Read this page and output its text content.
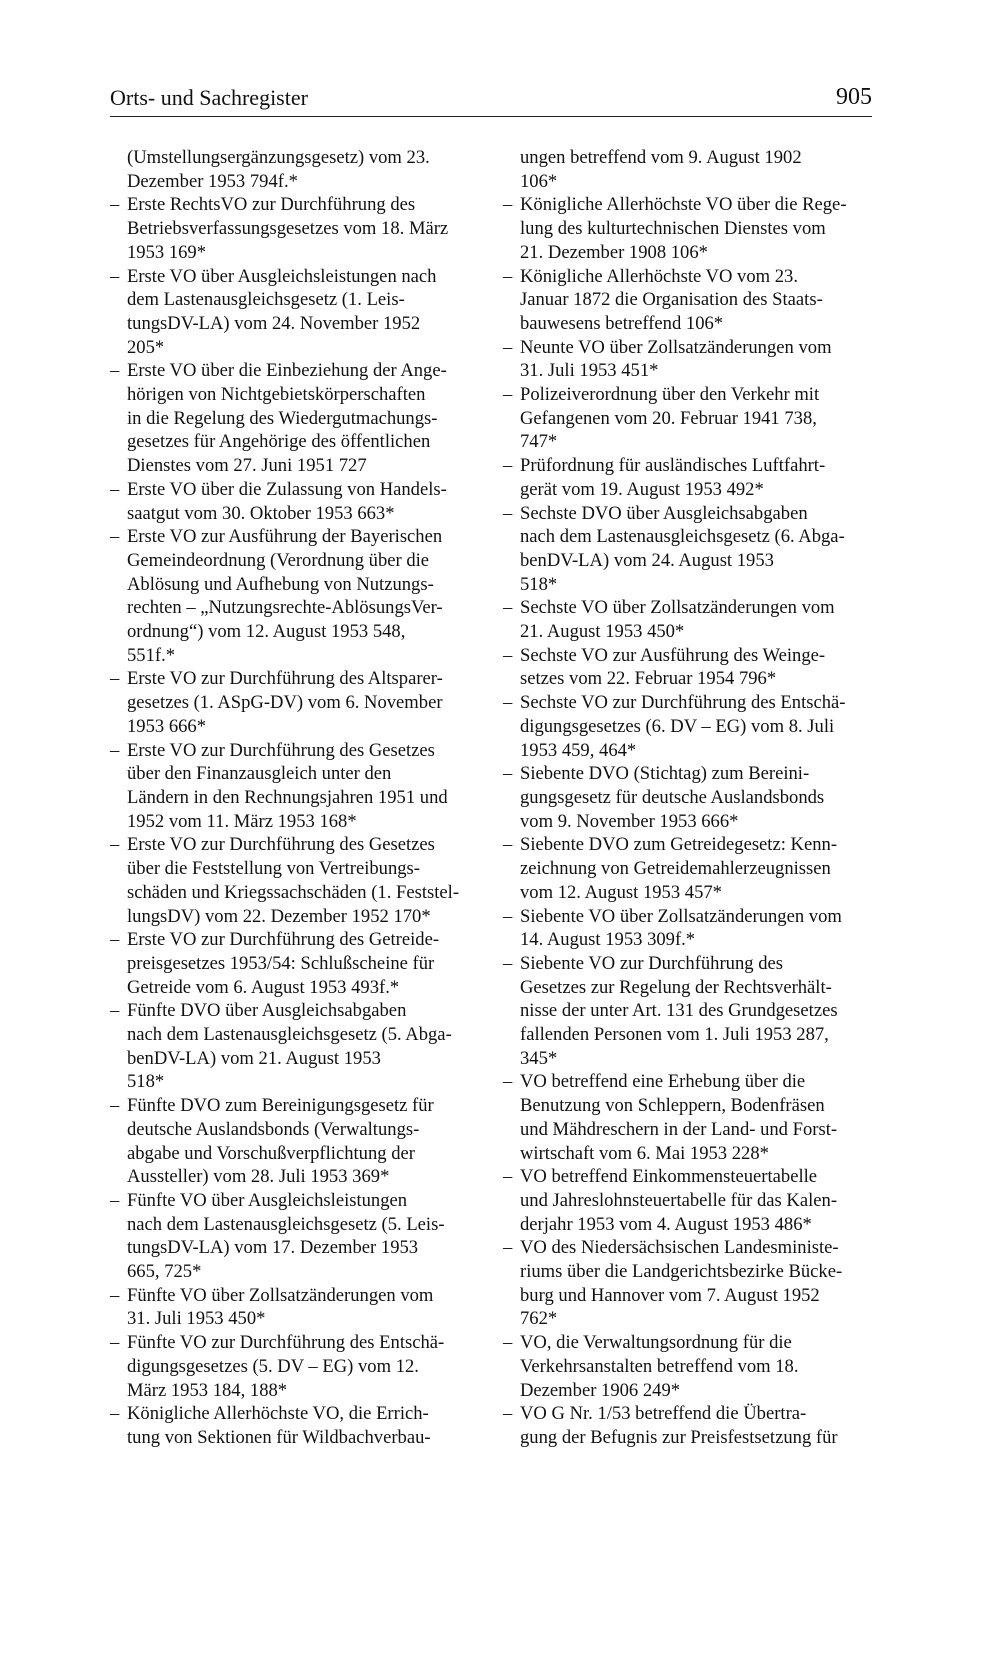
Orts- und Sachregister	905
(Umstellungsergänzungsgesetz) vom 23.
Dezember 1953 794f.*
– Erste RechtsVO zur Durchführung des
Betriebsverfassungsgesetzes vom 18. März
1953 169*
– Erste VO über Ausgleichsleistungen nach
dem Lastenausgleichsgesetz (1. Leis-
tungsDV-LA) vom 24. November 1952
205*
– Erste VO über die Einbeziehung der Ange-
hörigen von Nichtgebietskörperschaften
in die Regelung des Wiedergutmachungs-
gesetzes für Angehörige des öffentlichen
Dienstes vom 27. Juni 1951 727
– Erste VO über die Zulassung von Handels-
saatgut vom 30. Oktober 1953 663*
– Erste VO zur Ausführung der Bayerischen
Gemeindeordnung (Verordnung über die
Ablösung und Aufhebung von Nutzungs-
rechten – „Nutzungsrechte-AblösungsVer-
ordnung“) vom 12. August 1953 548,
551f.*
– Erste VO zur Durchführung des Altsparer-
gesetzes (1. ASpG-DV) vom 6. November
1953 666*
– Erste VO zur Durchführung des Gesetzes
über den Finanzausgleich unter den
Ländern in den Rechnungsjahren 1951 und
1952 vom 11. März 1953 168*
– Erste VO zur Durchführung des Gesetzes
über die Feststellung von Vertreibungs-
schäden und Kriegssachschäden (1. Feststel-
lungsDV) vom 22. Dezember 1952 170*
– Erste VO zur Durchführung des Getreide-
preisgesetzes 1953/54: Schlußscheine für
Getreide vom 6. August 1953 493f.*
– Fünfte DVO über Ausgleichsabgaben
nach dem Lastenausgleichsgesetz (5. Abga-
benDV-LA) vom 21. August 1953
518*
– Fünfte DVO zum Bereinigungsgesetz für
deutsche Auslandsbonds (Verwaltungs-
abgabe und Vorschußverpflichtung der
Aussteller) vom 28. Juli 1953 369*
– Fünfte VO über Ausgleichsleistungen
nach dem Lastenausgleichsgesetz (5. Leis-
tungsDV-LA) vom 17. Dezember 1953
665, 725*
– Fünfte VO über Zollsatzänderungen vom
31. Juli 1953 450*
– Fünfte VO zur Durchführung des Entschä-
digungsgesetzes (5. DV – EG) vom 12.
März 1953 184, 188*
– Königliche Allerhöchste VO, die Errich-
tung von Sektionen für Wildbachverbau-
ungen betreffend vom 9. August 1902
106*
– Königliche Allerhöchste VO über die Rege-
lung des kulturtechnischen Dienstes vom
21. Dezember 1908 106*
– Königliche Allerhöchste VO vom 23.
Januar 1872 die Organisation des Staats-
bauwesens betreffend 106*
– Neunte VO über Zollsatzänderungen vom
31. Juli 1953 451*
– Polizeiverordnung über den Verkehr mit
Gefangenen vom 20. Februar 1941 738,
747*
– Prüfordnung für ausländisches Luftfahrt-
gerät vom 19. August 1953 492*
– Sechste DVO über Ausgleichsabgaben
nach dem Lastenausgleichsgesetz (6. Abga-
benDV-LA) vom 24. August 1953
518*
– Sechste VO über Zollsatzänderungen vom
21. August 1953 450*
– Sechste VO zur Ausführung des Weinge-
setzes vom 22. Februar 1954 796*
– Sechste VO zur Durchführung des Entschä-
digungsgesetzes (6. DV – EG) vom 8. Juli
1953 459, 464*
– Siebente DVO (Stichtag) zum Bereini-
gungsgesetz für deutsche Auslandsbonds
vom 9. November 1953 666*
– Siebente DVO zum Getreidegesetz: Kenn-
zeichnung von Getreidemahlerzeugnissen
vom 12. August 1953 457*
– Siebente VO über Zollsatzänderungen vom
14. August 1953 309f.*
– Siebente VO zur Durchführung des
Gesetzes zur Regelung der Rechtsverhält-
nisse der unter Art. 131 des Grundgesetzes
fallenden Personen vom 1. Juli 1953 287,
345*
– VO betreffend eine Erhebung über die
Benutzung von Schleppern, Bodenfräsen
und Mähdreschern in der Land- und Forst-
wirtschaft vom 6. Mai 1953 228*
– VO betreffend Einkommensteuertabelle
und Jahreslohnsteuertabelle für das Kalen-
derjahr 1953 vom 4. August 1953 486*
– VO des Niedersächsischen Landesministe-
riums über die Landgerichtsbezirke Bücke-
burg und Hannover vom 7. August 1952
762*
– VO, die Verwaltungsordnung für die
Verkehrsanstalten betreffend vom 18.
Dezember 1906 249*
– VO G Nr. 1/53 betreffend die Übertra-
gung der Befugnis zur Preisfestsetzung für
